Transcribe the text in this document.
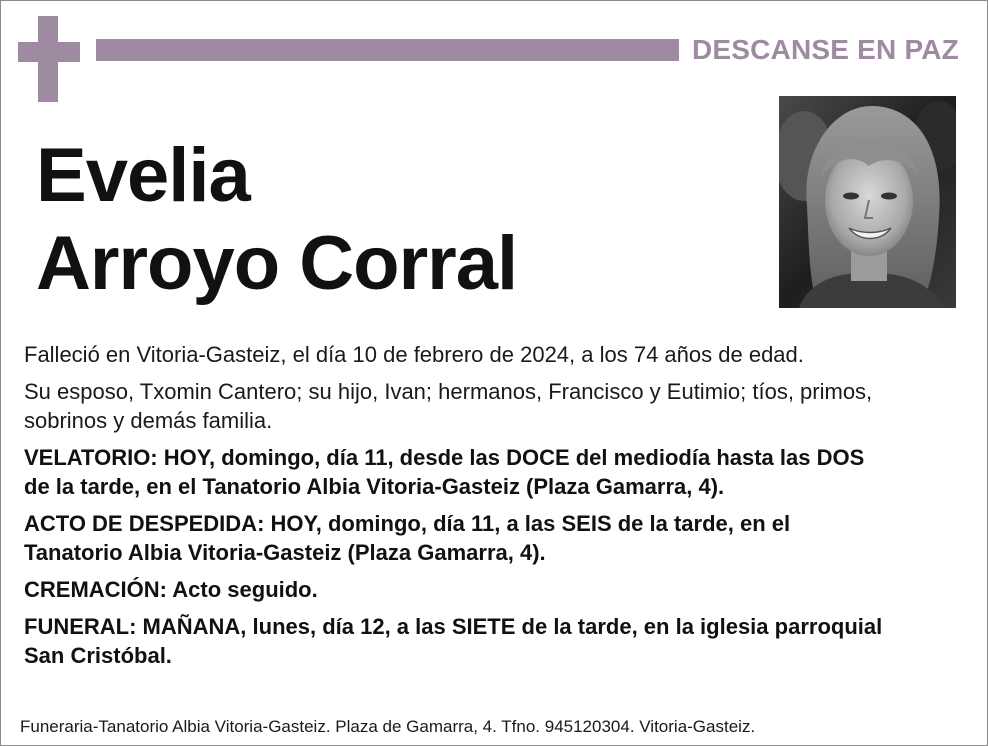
DESCANSE EN PAZ
Evelia
Arroyo Corral

Falleció en Vitoria-Gasteiz, el día 10 de febrero de 2024, a los 74 años de edad.

Su esposo, Txomin Cantero; su hijo, Ivan; hermanos, Francisco y Eutimio; tíos, primos,
sobrinos y demás familia.

VELATORIO: HOY, domingo, día 11, desde las DOCE del mediodía hasta las DOS
de la tarde, en el Tanatorio Albia Vitoria-Gasteiz (Plaza Gamarra, 4).

ACTO DE DESPEDIDA: HOY, domingo, día 11, a las SEIS de la tarde, en el
Tanatorio Albia Vitoria-Gasteiz (Plaza Gamarra, 4).

CREMACIÓN: Acto seguido.

FUNERAL: MAÑANA, lunes, día 12, a las SIETE de la tarde, en la iglesia parroquial
San Cristóbal.

Funeraria-Tanatorio Albia Vitoria-Gasteiz. Plaza de Gamarra, 4. Tfno. 945120304. Vitoria-Gasteiz.
